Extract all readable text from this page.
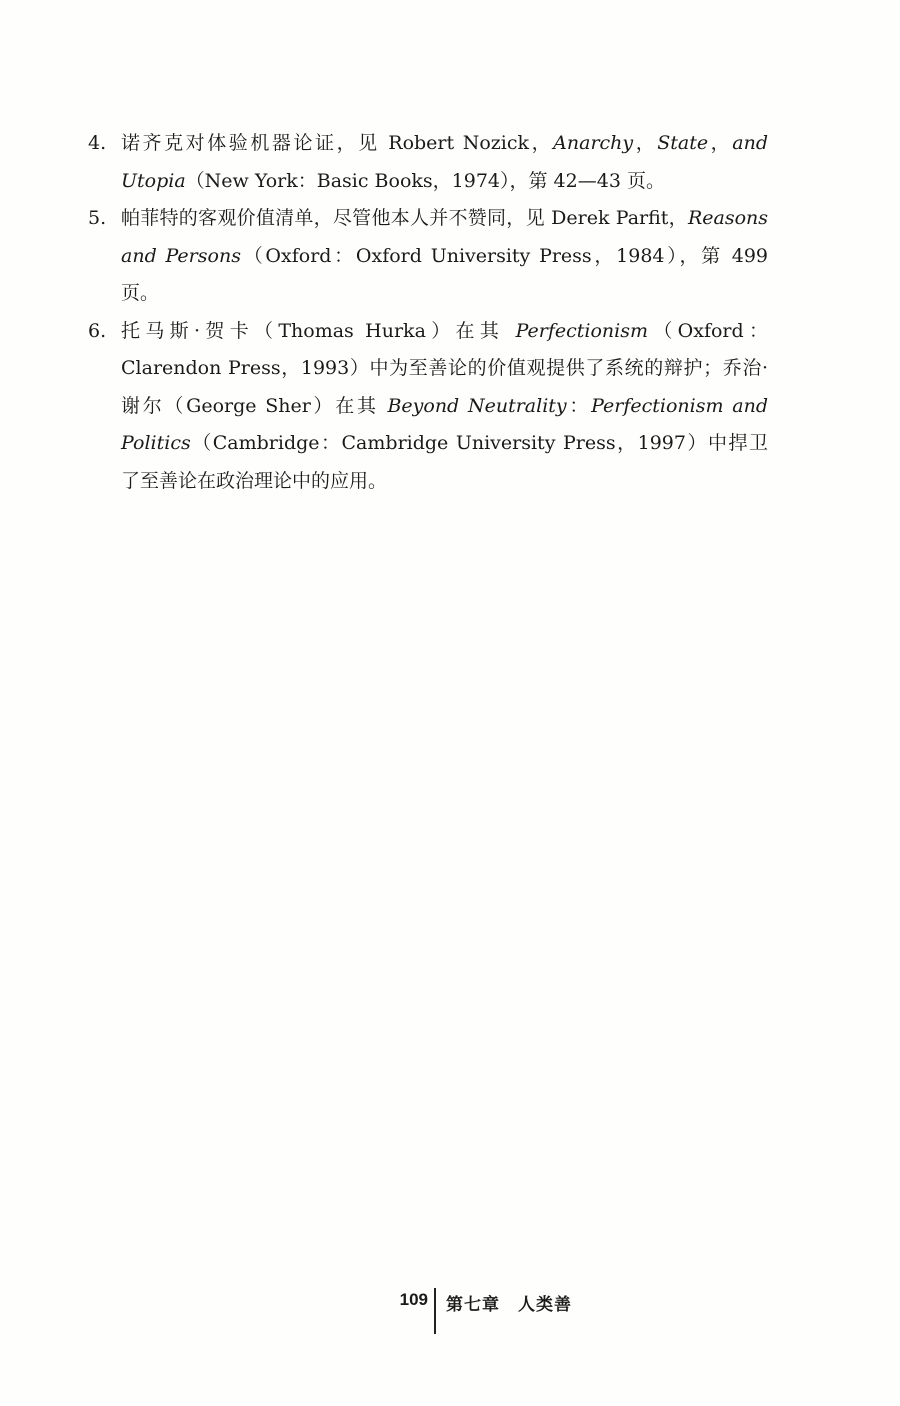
4. 诺齐克对体验机器论证，见 Robert Nozick，Anarchy，State，and Utopia（New York：Basic Books，1974），第 42—43 页。
5. 帕菲特的客观价值清单，尽管他本人并不赞同，见 Derek Parfit，Reasons and Persons（Oxford：Oxford University Press，1984），第 499 页。
6. 托马斯·贺卡（Thomas Hurka）在其 Perfectionism（Oxford：Clarendon Press，1993）中为至善论的价值观提供了系统的辩护；乔治·谢尔（George Sher）在其 Beyond Neutrality：Perfectionism and Politics（Cambridge：Cambridge University Press，1997）中捍卫了至善论在政治理论中的应用。
109 第七章　人类善
